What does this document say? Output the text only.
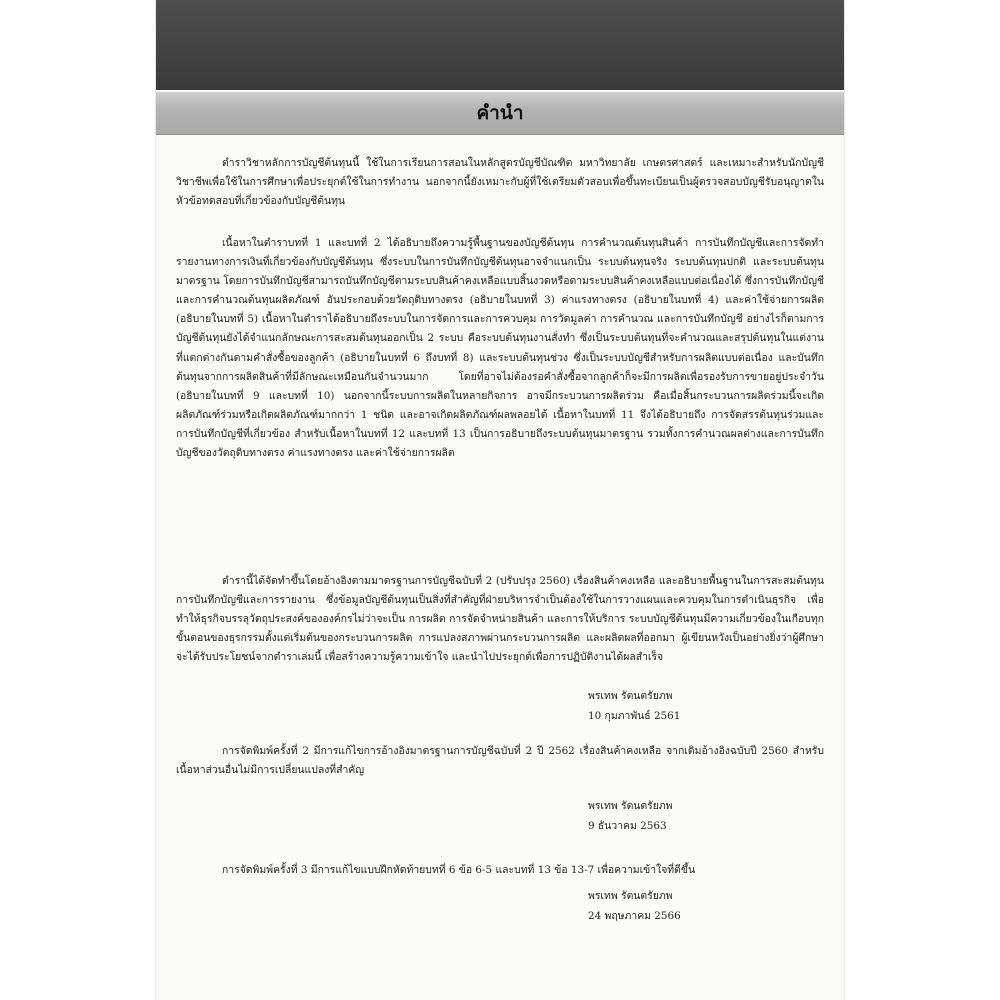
คำนำ

ตำราวิชาหลักการบัญชีต้นทุนนี้ ใช้ในการเรียนการสอนในหลักสูตรบัญชีบัณฑิต มหาวิทยาลัย เกษตรศาสตร์ และเหมาะสำหรับนักบัญชีวิชาชีพเพื่อใช้ในการศึกษาเพื่อประยุกต์ใช้ในการทำงาน นอกจากนี้ยังเหมาะกับผู้ที่ใช้เตรียมตัวสอบเพื่อขึ้นทะเบียนเป็นผู้ตรวจสอบบัญชีรับอนุญาตในหัวข้อทดสอบที่เกี่ยวข้องกับบัญชีต้นทุน

เนื้อหาในตำราบทที่ 1 และบทที่ 2 ได้อธิบายถึงความรู้พื้นฐานของบัญชีต้นทุน การคำนวณต้นทุนสินค้า การบันทึกบัญชีและการจัดทำรายงานทางการเงินที่เกี่ยวข้องกับบัญชีต้นทุน ซึ่งระบบในการบันทึกบัญชีต้นทุนอาจจำแนกเป็น ระบบต้นทุนจริง ระบบต้นทุนปกติ และระบบต้นทุนมาตรฐาน โดยการบันทึกบัญชีสามารถบันทึกบัญชีตามระบบสินค้าคงเหลือแบบสิ้นงวดหรือตามระบบสินค้าคงเหลือแบบต่อเนื่องได้ ซึ่งการบันทึกบัญชีและการคำนวณต้นทุนผลิตภัณฑ์ อันประกอบด้วยวัตถุดิบทางตรง (อธิบายในบทที่ 3) ค่าแรงทางตรง (อธิบายในบทที่ 4) และค่าใช้จ่ายการผลิต (อธิบายในบทที่ 5) เนื้อหาในตำราได้อธิบายถึงระบบในการจัดการและการควบคุม การวัดมูลค่า การคำนวณ และการบันทึกบัญชี อย่างไรก็ตามการบัญชีต้นทุนยังได้จำแนกลักษณะการสะสมต้นทุนออกเป็น 2 ระบบ คือระบบต้นทุนงานสั่งทำ ซึ่งเป็นระบบต้นทุนที่จะคำนวณและสรุปต้นทุนในแต่งานที่แตกต่างกันตามคำสั่งซื้อของลูกค้า (อธิบายในบทที่ 6 ถึงบทที่ 8) และระบบต้นทุนช่วง ซึ่งเป็นระบบบัญชีสำหรับการผลิตแบบต่อเนื่อง และบันทึกต้นทุนจากการผลิตสินค้าที่มีลักษณะเหมือนกันจำนวนมาก โดยที่อาจไม่ต้องรอคำสั่งซื้อจากลูกค้าก็จะมีการผลิตเพื่อรองรับการขายอยู่ประจำวัน (อธิบายในบทที่ 9 และบทที่ 10) นอกจากนี้ระบบการผลิตในหลายกิจการ อาจมีกระบวนการผลิตร่วม คือเมื่อสิ้นกระบวนการผลิตร่วมนี้จะเกิดผลิตภัณฑ์ร่วมหรือเกิดผลิตภัณฑ์มากกว่า 1 ชนิด และอาจเกิดผลิตภัณฑ์ผลพลอยได้ เนื้อหาในบทที่ 11 จึงได้อธิบายถึง การจัดสรรต้นทุนร่วมและการบันทึกบัญชีที่เกี่ยวข้อง สำหรับเนื้อหาในบทที่ 12 และบทที่ 13 เป็นการอธิบายถึงระบบต้นทุนมาตรฐาน รวมทั้งการคำนวณผลต่างและการบันทึกบัญชีของวัตถุดิบทางตรง ค่าแรงทางตรง และค่าใช้จ่ายการผลิต

ตำรานี้ได้จัดทำขึ้นโดยอ้างอิงตามมาตรฐานการบัญชีฉบับที่ 2 (ปรับปรุง 2560) เรื่องสินค้าคงเหลือ และอธิบายพื้นฐานในการสะสมต้นทุน การบันทึกบัญชีและการรายงาน ซึ่งข้อมูลบัญชีต้นทุนเป็นสิ่งที่สำคัญที่ฝ่ายบริหารจำเป็นต้องใช้ในการวางแผนและควบคุมในการดำเนินธุรกิจ เพื่อทำให้ธุรกิจบรรลุวัตถุประสงค์ขององค์กรไม่ว่าจะเป็น การผลิต การจัดจำหน่ายสินค้า และการให้บริการ ระบบบัญชีต้นทุนมีความเกี่ยวข้องในเกือบทุกขั้นตอนของธุรกรรมตั้งแต่เริ่มต้นของกระบวนการผลิต การแปลงสภาพผ่านกระบวนการผลิต และผลิตผลที่ออกมา ผู้เขียนหวังเป็นอย่างยิ่งว่าผู้ศึกษาจะได้รับประโยชน์จากตำราเล่มนี้ เพื่อสร้างความรู้ความเข้าใจ และนำไปประยุกต์เพื่อการปฏิบัติงานได้ผลสำเร็จ

พรเทพ รัตนตรัยภพ
10 กุมภาพันธ์ 2561

การจัดพิมพ์ครั้งที่ 2 มีการแก้ไขการอ้างอิงมาตรฐานการบัญชีฉบับที่ 2 ปี 2562 เรื่องสินค้าคงเหลือ จากเดิมอ้างอิงฉบับปี 2560 สำหรับเนื้อหาส่วนอื่นไม่มีการเปลี่ยนแปลงที่สำคัญ

พรเทพ รัตนตรัยภพ
9 ธันวาคม 2563

การจัดพิมพ์ครั้งที่ 3 มีการแก้ไขแบบฝึกหัดท้ายบทที่ 6 ข้อ 6-5 และบทที่ 13 ข้อ 13-7 เพื่อความเข้าใจที่ดีขึ้น

พรเทพ รัตนตรัยภพ
24 พฤษภาคม 2566
